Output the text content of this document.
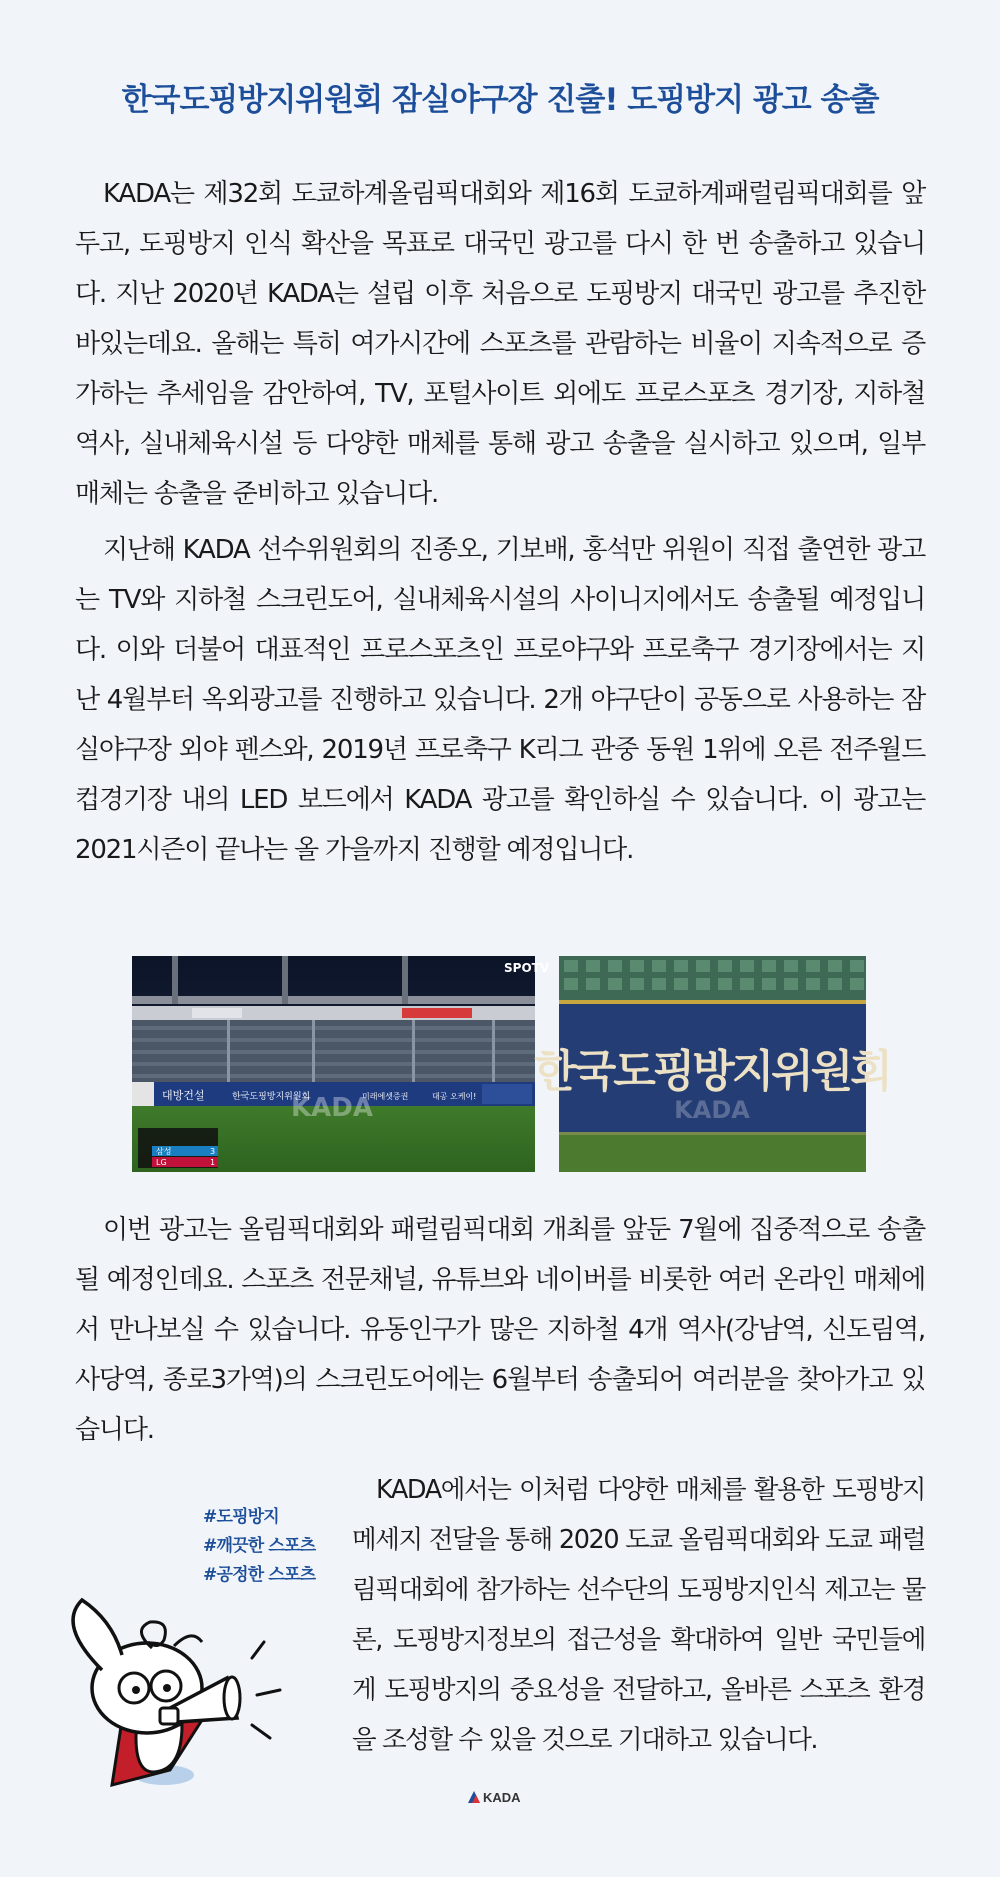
한국도핑방지위원회 잠실야구장 진출! 도핑방지 광고 송출

KADA는 제32회 도쿄하계올림픽대회와 제16회 도쿄하계패럴림픽대회를 앞두고, 도핑방지 인식 확산을 목표로 대국민 광고를 다시 한 번 송출하고 있습니다. 지난 2020년 KADA는 설립 이후 처음으로 도핑방지 대국민 광고를 추진한 바있는데요. 올해는 특히 여가시간에 스포츠를 관람하는 비율이 지속적으로 증가하는 추세임을 감안하여, TV, 포털사이트 외에도 프로스포츠 경기장, 지하철역사, 실내체육시설 등 다양한 매체를 통해 광고 송출을 실시하고 있으며, 일부 매체는 송출을 준비하고 있습니다.

지난해 KADA 선수위원회의 진종오, 기보배, 홍석만 위원이 직접 출연한 광고는 TV와 지하철 스크린도어, 실내체육시설의 사이니지에서도 송출될 예정입니다. 이와 더불어 대표적인 프로스포츠인 프로야구와 프로축구 경기장에서는 지난 4월부터 옥외광고를 진행하고 있습니다. 2개 야구단이 공동으로 사용하는 잠실야구장 외야 펜스와, 2019년 프로축구 K리그 관중 동원 1위에 오른 전주월드컵경기장 내의 LED 보드에서 KADA 광고를 확인하실 수 있습니다. 이 광고는 2021시즌이 끝나는 올 가을까지 진행할 예정입니다.

대방건설	한국도핑방지위원회	미래에셋증권	대공 오케이!
SPOTV
KADA
삼성	3
LG	1
한국도핑방지위원회
KADA

이번 광고는 올림픽대회와 패럴림픽대회 개최를 앞둔 7월에 집중적으로 송출될 예정인데요. 스포츠 전문채널, 유튜브와 네이버를 비롯한 여러 온라인 매체에서 만나보실 수 있습니다. 유동인구가 많은 지하철 4개 역사(강남역, 신도림역, 사당역, 종로3가역)의 스크린도어에는 6월부터 송출되어 여러분을 찾아가고 있습니다.

#도핑방지
#깨끗한 스포츠
#공정한 스포츠

KADA에서는 이처럼 다양한 매체를 활용한 도핑방지 메세지 전달을 통해 2020 도쿄 올림픽대회와 도쿄 패럴림픽대회에 참가하는 선수단의 도핑방지인식 제고는 물론, 도핑방지정보의 접근성을 확대하여 일반 국민들에게 도핑방지의 중요성을 전달하고, 올바른 스포츠 환경을 조성할 수 있을 것으로 기대하고 있습니다.

KADA
